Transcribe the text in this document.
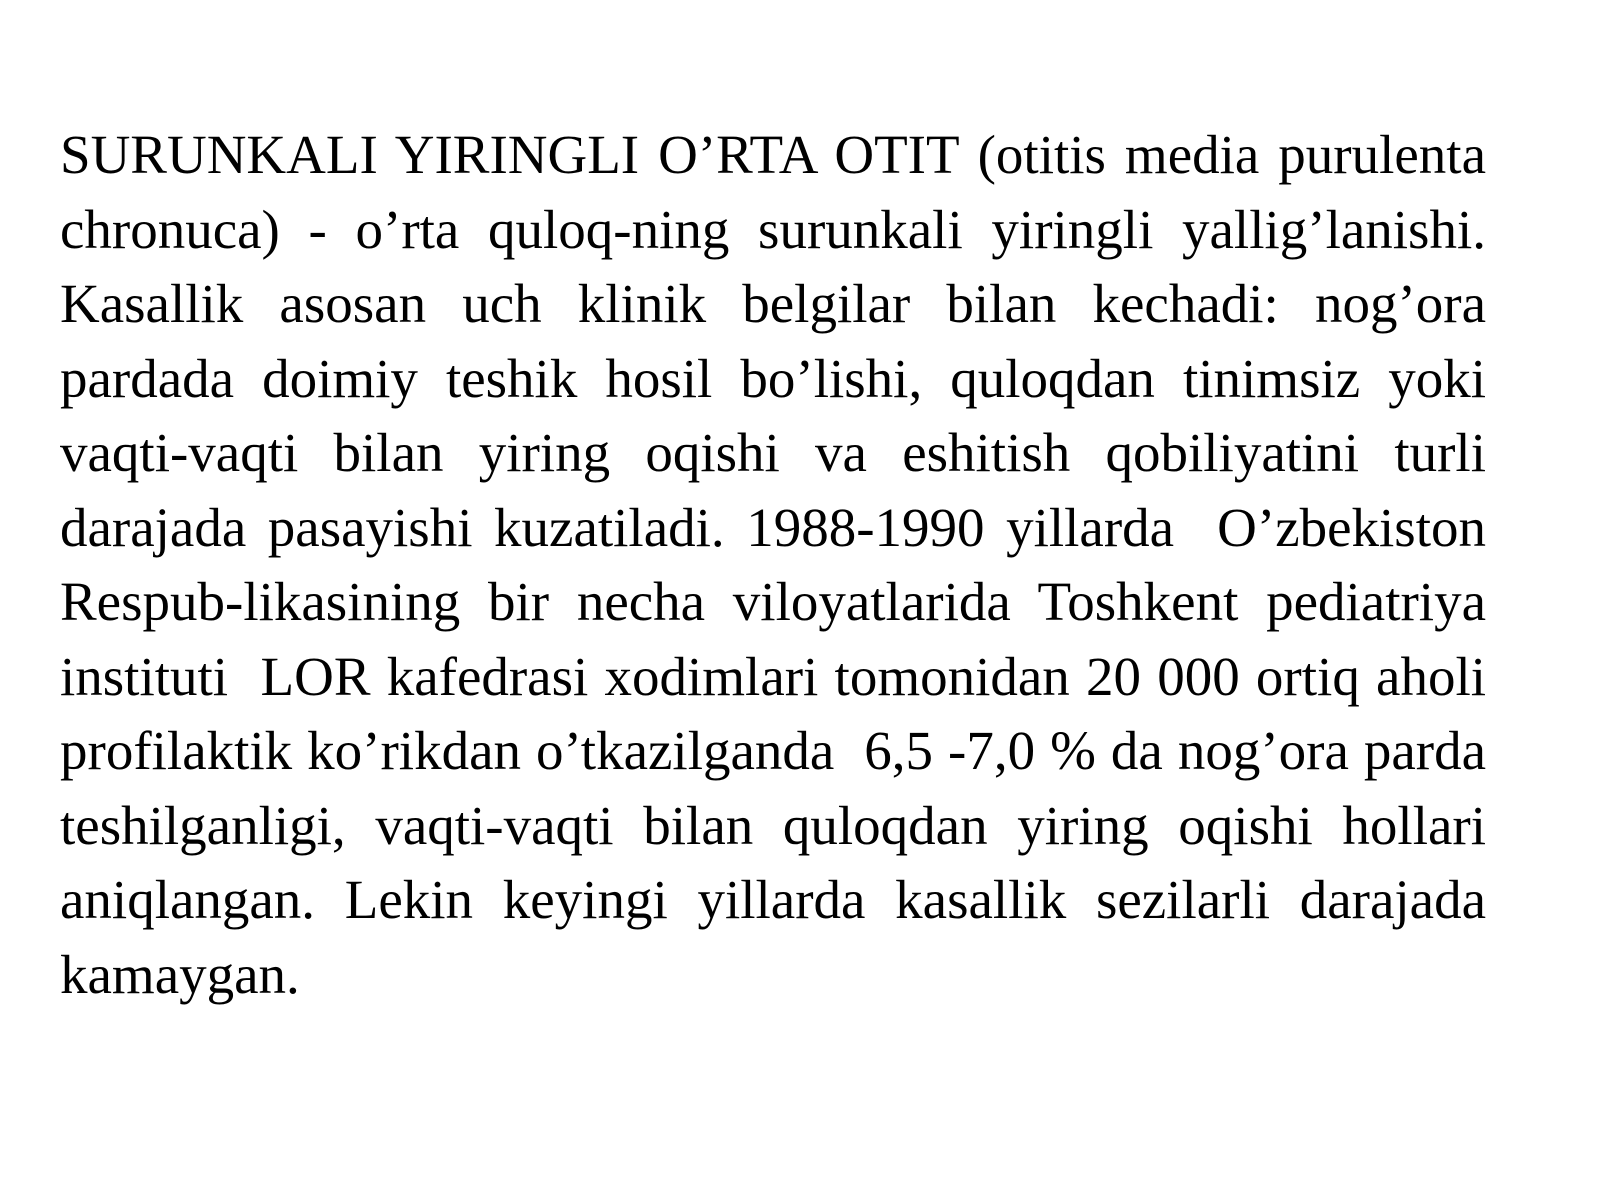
SURUNKALI YIRINGLI O’RTA OTIT (otitis media purulenta chronuca) - o’rta quloq-ning surunkali yiringli yallig’lanishi. Kasallik asosan uch klinik belgilar bilan kechadi: nog’ora pardada doimiy teshik hosil bo’lishi, quloqdan tinimsiz yoki vaqti-vaqti bilan yiring oqishi va eshitish qobiliyatini turli darajada pasayishi kuzatiladi. 1988-1990 yillarda  O’zbekiston  Respub-likasining bir necha viloyatlarida Toshkent pediatriya instituti  LOR kafedrasi xodimlari tomonidan 20 000 ortiq aholi profilaktik ko’rikdan o’tkazilganda  6,5 -7,0 % da nog’ora parda teshilganligi, vaqti-vaqti bilan quloqdan yiring oqishi hollari aniqlangan. Lekin keyingi yillarda kasallik sezilarli darajada kamaygan.
